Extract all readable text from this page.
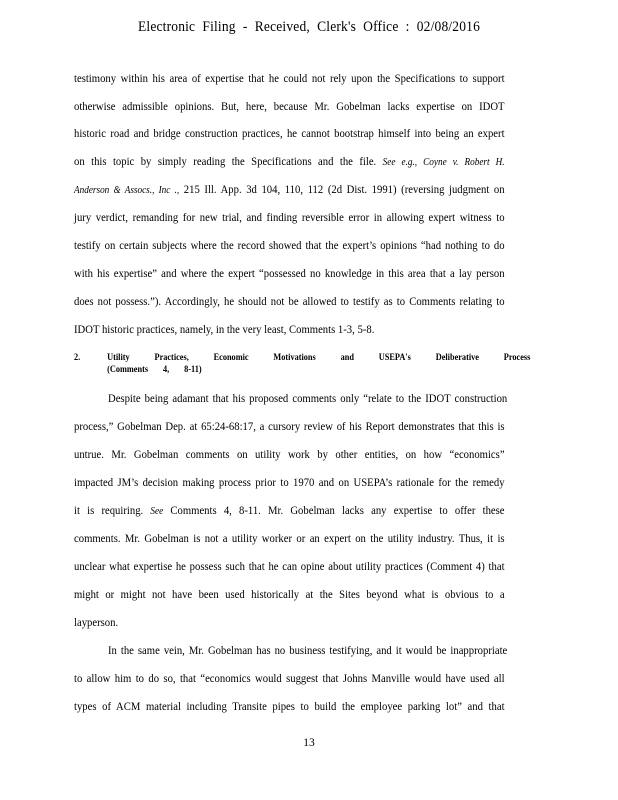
Electronic Filing - Received, Clerk's Office : 02/08/2016
testimony within his area of expertise that he could not rely upon the Specifications to support
otherwise admissible opinions. But, here, because Mr. Gobelman lacks expertise on IDOT
historic road and bridge construction practices, he cannot bootstrap himself into being an expert
on this topic by simply reading the Specifications and the file. See e.g., Coyne v. Robert H.
Anderson & Assocs., Inc ., 215 Ill. App. 3d 104, 110, 112 (2d Dist. 1991) (reversing judgment on
jury verdict, remanding for new trial, and finding reversible error in allowing expert witness to
testify on certain subjects where the record showed that the expert’s opinions “had nothing to do
with his expertise” and where the expert “possessed no knowledge in this area that a lay person
does not possess.”). Accordingly, he should not be allowed to testify as to Comments relating to
IDOT historic practices, namely, in the very least, Comments 1-3, 5-8.
2.	Utility Practices, Economic Motivations and USEPA's Deliberative Process
(Comments 4, 8-11)
Despite being adamant that his proposed comments only “relate to the IDOT construction
process,” Gobelman Dep. at 65:24-68:17, a cursory review of his Report demonstrates that this is
untrue. Mr. Gobelman comments on utility work by other entities, on how “economics”
impacted JM’s decision making process prior to 1970 and on USEPA’s rationale for the remedy
it is requiring. See Comments 4, 8-11. Mr. Gobelman lacks any expertise to offer these
comments. Mr. Gobelman is not a utility worker or an expert on the utility industry. Thus, it is
unclear what expertise he possess such that he can opine about utility practices (Comment 4) that
might or might not have been used historically at the Sites beyond what is obvious to a
layperson.
In the same vein, Mr. Gobelman has no business testifying, and it would be inappropriate
to allow him to do so, that “economics would suggest that Johns Manville would have used all
types of ACM material including Transite pipes to build the employee parking lot” and that
13
